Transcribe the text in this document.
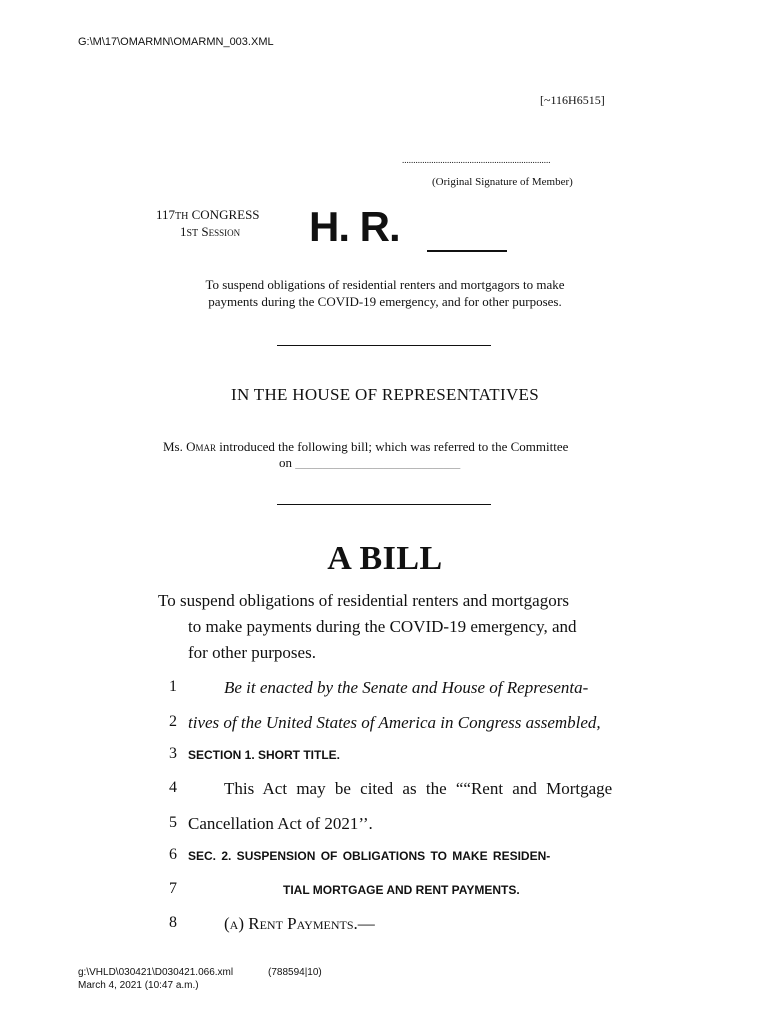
G:\M\17\OMARMN\OMARMN_003.XML
[~116H6515]
..................................................................
(Original Signature of Member)
117TH CONGRESS
1ST Session H. R.
To suspend obligations of residential renters and mortgagors to make
payments during the COVID-19 emergency, and for other purposes.
IN THE HOUSE OF REPRESENTATIVES
Ms. Omar introduced the following bill; which was referred to the Committee
on ______________________________
A BILL
To suspend obligations of residential renters and mortgagors
to make payments during the COVID-19 emergency, and
for other purposes.
1	Be it enacted by the Senate and House of Representa-
2 tives of the United States of America in Congress assembled,
3 SECTION 1. SHORT TITLE.
4	This Act may be cited as the ““Rent and Mortgage
5 Cancellation Act of 2021’’.
6 SEC. 2. SUSPENSION OF OBLIGATIONS TO MAKE RESIDEN-
7	TIAL MORTGAGE AND RENT PAYMENTS.
8	(a) Rent Payments.—
g:\VHLD\030421\D030421.066.xml
March 4, 2021 (10:47 a.m.)
(788594|10)
